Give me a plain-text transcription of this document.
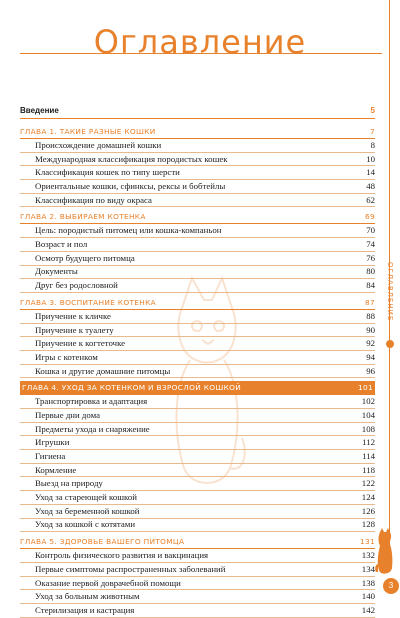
Оглавление
Введение	5
ГЛАВА 1. ТАКИЕ РАЗНЫЕ КОШКИ	7
Происхождение домашней кошки	8
Международная классификация породистых кошек	10
Классификация кошек по типу шерсти	14
Ориентальные кошки, сфинксы, рексы и бобтейлы	48
Классификация по виду окраса	62
ГЛАВА 2. ВЫБИРАЕМ КОТЕНКА	69
Цель: породистый питомец или кошка-компаньон	70
Возраст и пол	74
Осмотр будущего питомца	76
Документы	80
Друг без родословной	84
ГЛАВА 3. ВОСПИТАНИЕ КОТЕНКА	87
Приучение к кличке	88
Приучение к туалету	90
Приучение к когтеточке	92
Игры с котенком	94
Кошка и другие домашние питомцы	96
ГЛАВА 4. УХОД ЗА КОТЕНКОМ И ВЗРОСЛОЙ КОШКОЙ	101
Транспортировка и адаптация	102
Первые дни дома	104
Предметы ухода и снаряжение	108
Игрушки	112
Гигиена	114
Кормление	118
Выезд на природу	122
Уход за стареющей кошкой	124
Уход за беременной кошкой	126
Уход за кошкой с котятами	128
ГЛАВА 5. ЗДОРОВЬЕ ВАШЕГО ПИТОМЦА	131
Контроль физического развития и вакцинация	132
Первые симптомы распространенных заболеваний	134
Оказание первой доврачебной помощи	138
Уход за больным животным	140
Стерилизация и кастрация	142
ОГЛАВЛЕНИЕ
3
